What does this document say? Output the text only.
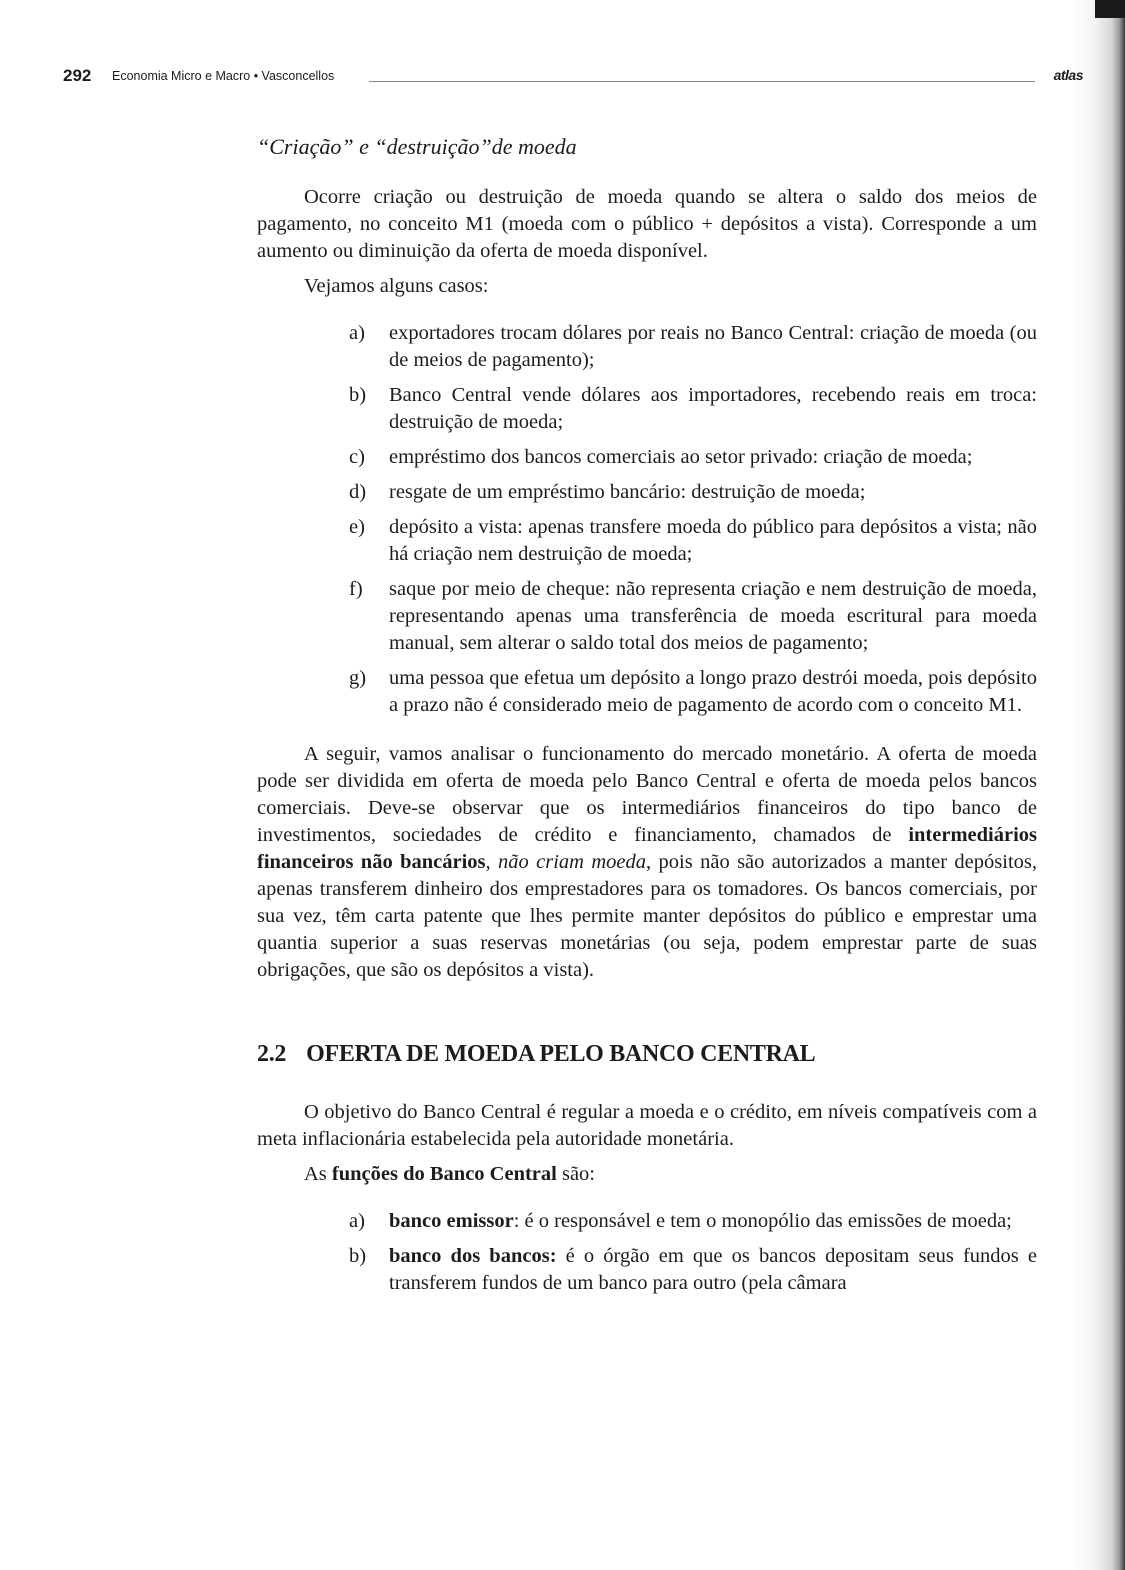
292 Economia Micro e Macro • Vasconcellos	atlas
“Criação” e “destruição”de moeda

Ocorre criação ou destruição de moeda quando se altera o saldo dos meios de pagamento, no conceito M1 (moeda com o público + depósitos a vista). Corresponde a um aumento ou diminuição da oferta de moeda disponível.

Vejamos alguns casos:

a)	exportadores trocam dólares por reais no Banco Central: criação de moeda (ou de meios de pagamento);
b)	Banco Central vende dólares aos importadores, recebendo reais em troca: destruição de moeda;
c)	empréstimo dos bancos comerciais ao setor privado: criação de moeda;
d)	resgate de um empréstimo bancário: destruição de moeda;
e)	depósito a vista: apenas transfere moeda do público para depósitos a vista; não há criação nem destruição de moeda;
f)	saque por meio de cheque: não representa criação e nem destruição de moeda, representando apenas uma transferência de moeda escritural para moeda manual, sem alterar o saldo total dos meios de pagamento;
g)	uma pessoa que efetua um depósito a longo prazo destrói moeda, pois depósito a prazo não é considerado meio de pagamento de acordo com o conceito M1.

A seguir, vamos analisar o funcionamento do mercado monetário. A oferta de moeda pode ser dividida em oferta de moeda pelo Banco Central e oferta de moeda pelos bancos comerciais. Deve-se observar que os intermediários financeiros do tipo banco de investimentos, sociedades de crédito e financiamento, chamados de intermediários financeiros não bancários, não criam moeda, pois não são autorizados a manter depósitos, apenas transferem dinheiro dos emprestadores para os tomadores. Os bancos comerciais, por sua vez, têm carta patente que lhes permite manter depósitos do público e emprestar uma quantia superior a suas reservas monetárias (ou seja, podem emprestar parte de suas obrigações, que são os depósitos a vista).

2.2 OFERTA DE MOEDA PELO BANCO CENTRAL

O objetivo do Banco Central é regular a moeda e o crédito, em níveis compatíveis com a meta inflacionária estabelecida pela autoridade monetária.

As funções do Banco Central são:

a)	banco emissor: é o responsável e tem o monopólio das emissões de moeda;
b)	banco dos bancos: é o órgão em que os bancos depositam seus fundos e transferem fundos de um banco para outro (pela câmara
